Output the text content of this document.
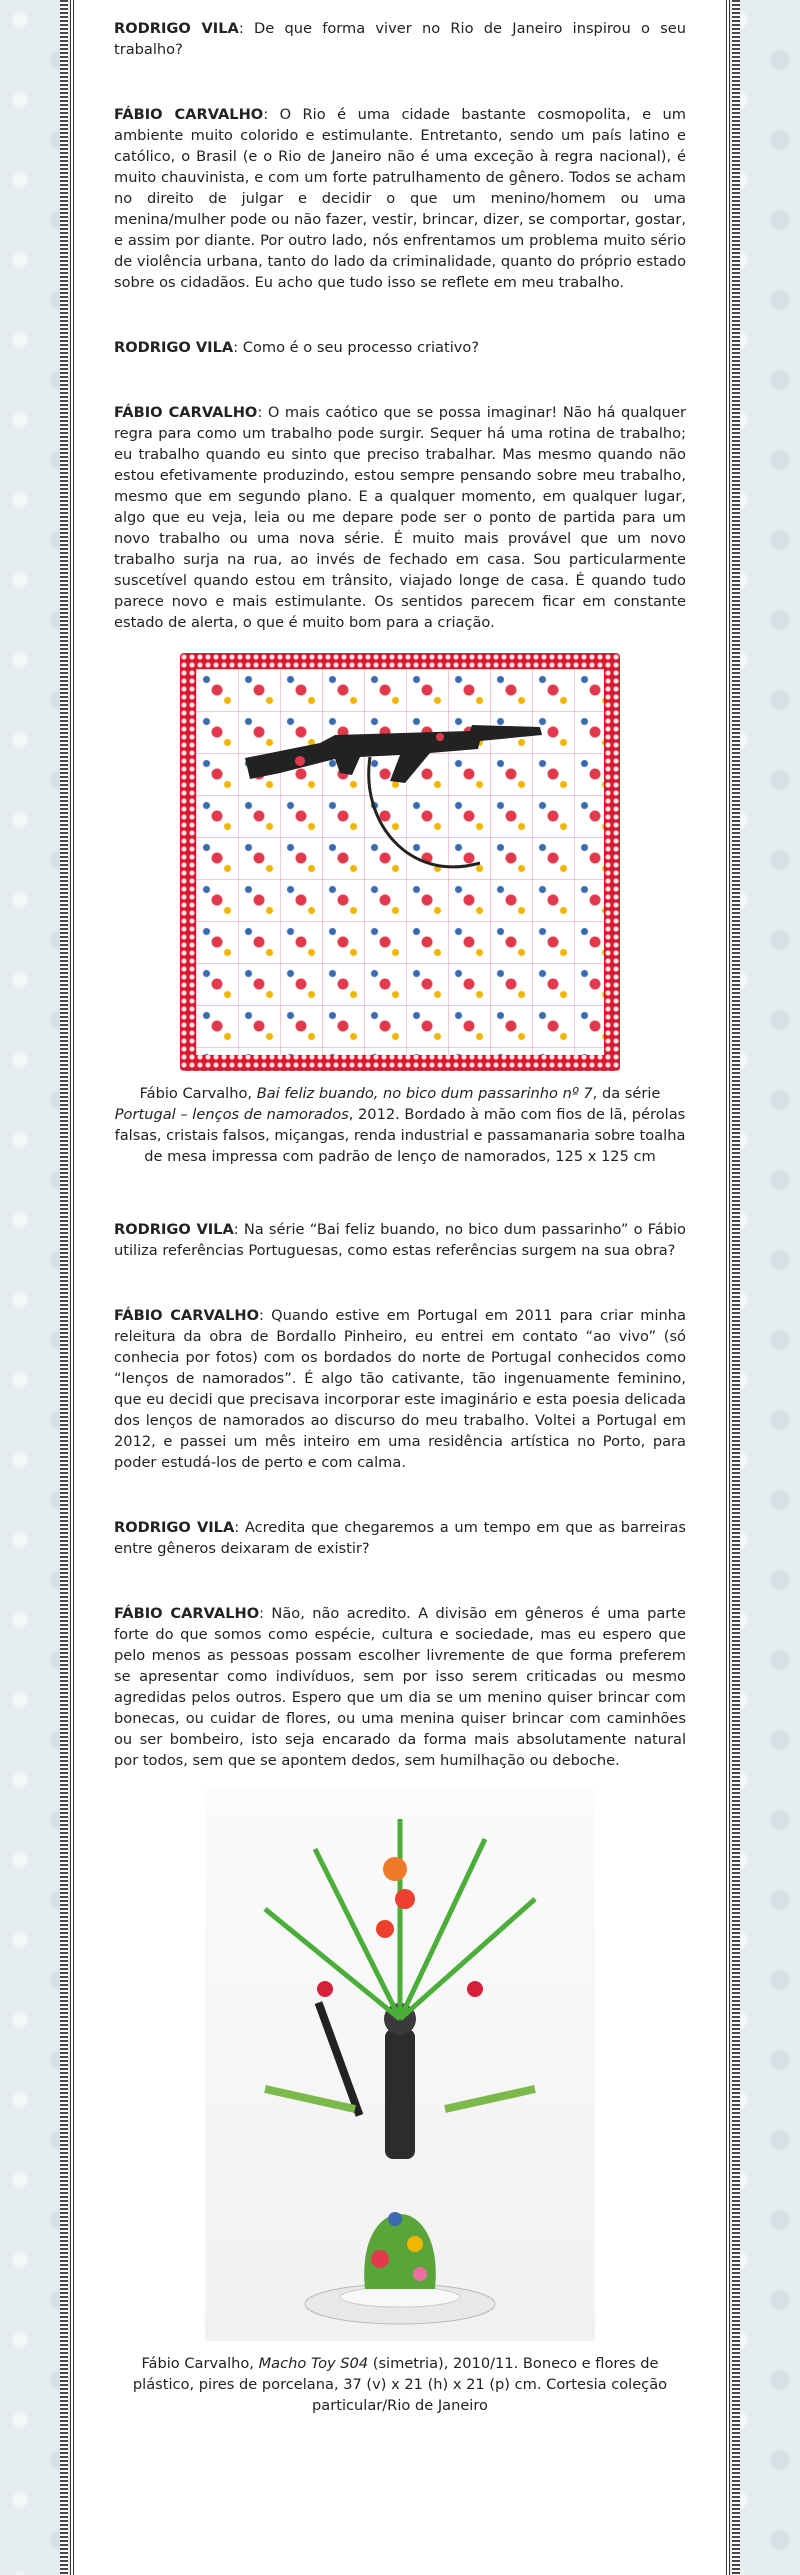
RODRIGO VILA: De que forma viver no Rio de Janeiro inspirou o seu trabalho?

FÁBIO CARVALHO: O Rio é uma cidade bastante cosmopolita, e um ambiente muito colorido e estimulante. Entretanto, sendo um país latino e católico, o Brasil (e o Rio de Janeiro não é uma exceção à regra nacional), é muito chauvinista, e com um forte patrulhamento de gênero. Todos se acham no direito de julgar e decidir o que um menino/homem ou uma menina/mulher pode ou não fazer, vestir, brincar, dizer, se comportar, gostar, e assim por diante. Por outro lado, nós enfrentamos um problema muito sério de violência urbana, tanto do lado da criminalidade, quanto do próprio estado sobre os cidadãos. Eu acho que tudo isso se reflete em meu trabalho.

RODRIGO VILA: Como é o seu processo criativo?

FÁBIO CARVALHO: O mais caótico que se possa imaginar! Não há qualquer regra para como um trabalho pode surgir. Sequer há uma rotina de trabalho; eu trabalho quando eu sinto que preciso trabalhar. Mas mesmo quando não estou efetivamente produzindo, estou sempre pensando sobre meu trabalho, mesmo que em segundo plano. E a qualquer momento, em qualquer lugar, algo que eu veja, leia ou me depare pode ser o ponto de partida para um novo trabalho ou uma nova série. É muito mais provável que um novo trabalho surja na rua, ao invés de fechado em casa. Sou particularmente suscetível quando estou em trânsito, viajado longe de casa. É quando tudo parece novo e mais estimulante. Os sentidos parecem ficar em constante estado de alerta, o que é muito bom para a criação.

Fábio Carvalho, Bai feliz buando, no bico dum passarinho nº 7, da série Portugal – lenços de namorados, 2012. Bordado à mão com fios de lã, pérolas falsas, cristais falsos, miçangas, renda industrial e passamanaria sobre toalha de mesa impressa com padrão de lenço de namorados, 125 x 125 cm

RODRIGO VILA: Na série “Bai feliz buando, no bico dum passarinho” o Fábio utiliza referências Portuguesas, como estas referências surgem na sua obra?

FÁBIO CARVALHO: Quando estive em Portugal em 2011 para criar minha releitura da obra de Bordallo Pinheiro, eu entrei em contato “ao vivo” (só conhecia por fotos) com os bordados do norte de Portugal conhecidos como “lenços de namorados”. É algo tão cativante, tão ingenuamente feminino, que eu decidi que precisava incorporar este imaginário e esta poesia delicada dos lenços de namorados ao discurso do meu trabalho. Voltei a Portugal em 2012, e passei um mês inteiro em uma residência artística no Porto, para poder estudá-los de perto e com calma.

RODRIGO VILA: Acredita que chegaremos a um tempo em que as barreiras entre gêneros deixaram de existir?

FÁBIO CARVALHO: Não, não acredito. A divisão em gêneros é uma parte forte do que somos como espécie, cultura e sociedade, mas eu espero que pelo menos as pessoas possam escolher livremente de que forma preferem se apresentar como indivíduos, sem por isso serem criticadas ou mesmo agredidas pelos outros. Espero que um dia se um menino quiser brincar com bonecas, ou cuidar de flores, ou uma menina quiser brincar com caminhões ou ser bombeiro, isto seja encarado da forma mais absolutamente natural por todos, sem que se apontem dedos, sem humilhação ou deboche.

Fábio Carvalho, Macho Toy S04 (simetria), 2010/11. Boneco e flores de plástico, pires de porcelana, 37 (v) x 21 (h) x 21 (p) cm. Cortesia coleção particular/Rio de Janeiro
